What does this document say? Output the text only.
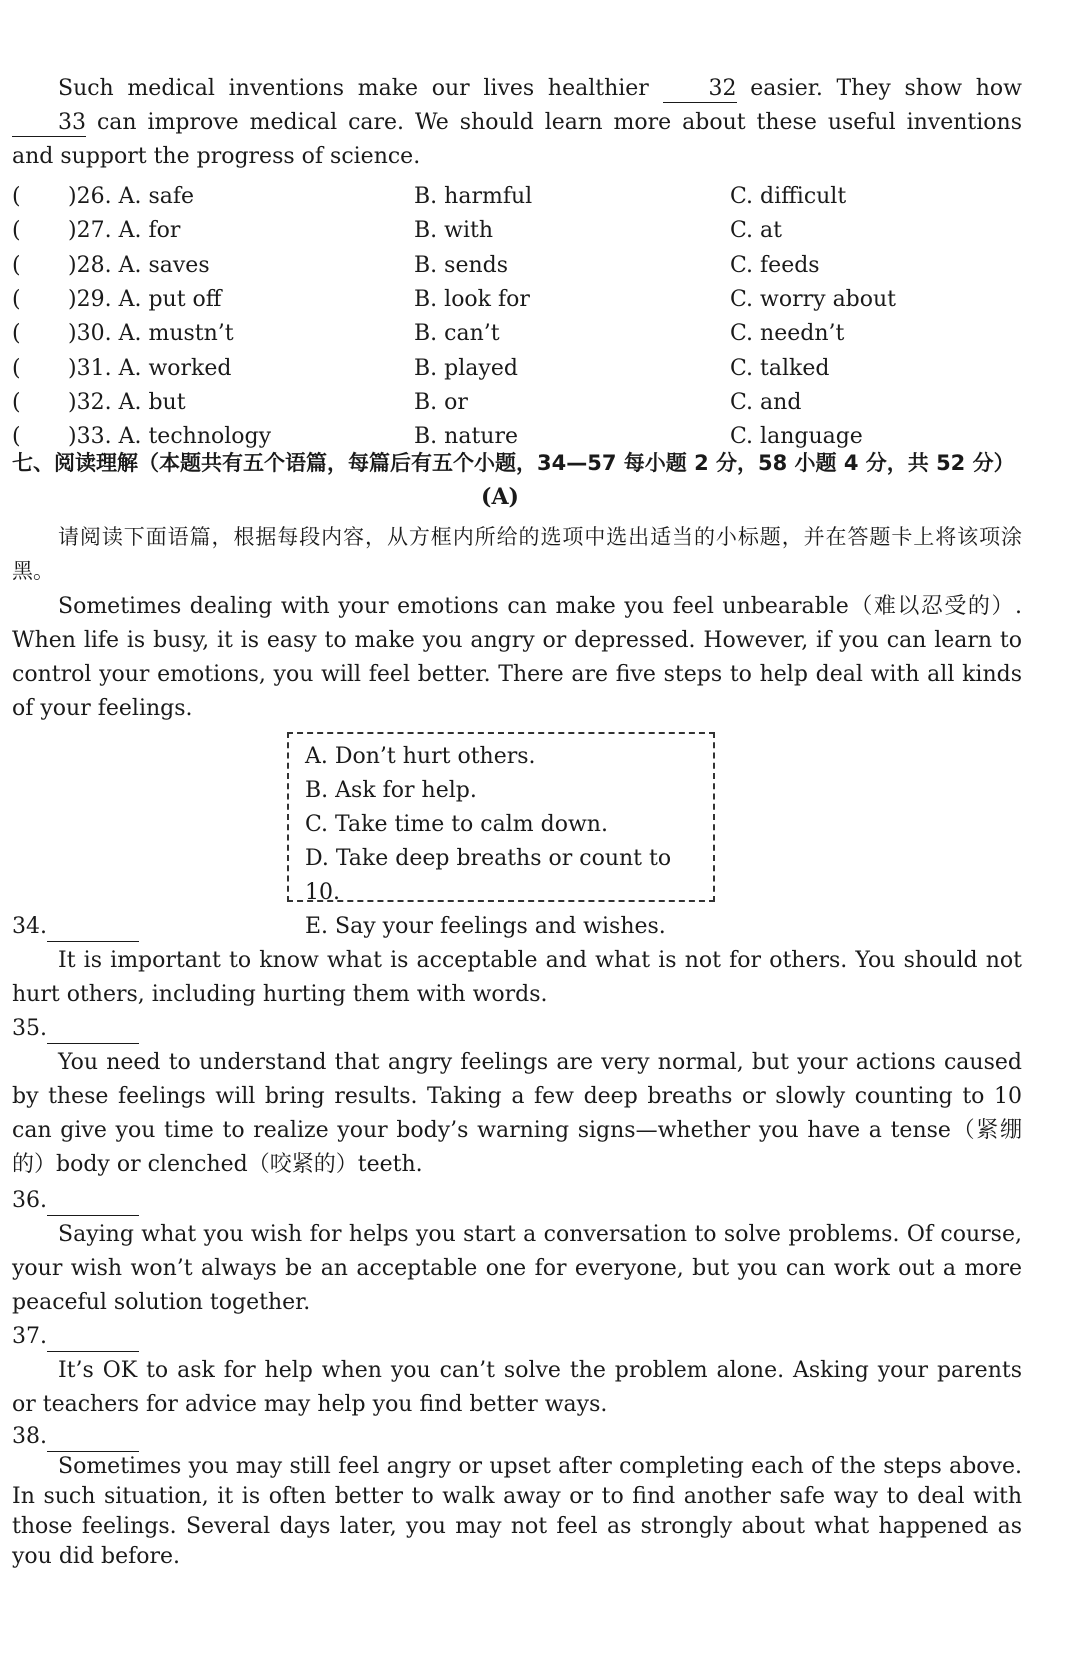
Such medical inventions make our lives healthier 32 easier. They show how 33 can improve medical care. We should learn more about these useful inventions and support the progress of science.
( )26. A. safe	B. harmful	C. difficult
( )27. A. for	B. with	C. at
( )28. A. saves	B. sends	C. feeds
( )29. A. put off	B. look for	C. worry about
( )30. A. mustn’t	B. can’t	C. needn’t
( )31. A. worked	B. played	C. talked
( )32. A. but	B. or	C. and
( )33. A. technology	B. nature	C. language
七、阅读理解（本题共有五个语篇，每篇后有五个小题，34—57 每小题 2 分，58 小题 4 分，共 52 分）
(A)
请阅读下面语篇，根据每段内容，从方框内所给的选项中选出适当的小标题，并在答题卡上将该项涂黑。
Sometimes dealing with your emotions can make you feel unbearable（难以忍受的）. When life is busy, it is easy to make you angry or depressed. However, if you can learn to control your emotions, you will feel better. There are five steps to help deal with all kinds of your feelings.
A. Don’t hurt others.
B. Ask for help.
C. Take time to calm down.
D. Take deep breaths or count to 10.
E. Say your feelings and wishes.
34.
It is important to know what is acceptable and what is not for others. You should not hurt others, including hurting them with words.
35.
You need to understand that angry feelings are very normal, but your actions caused by these feelings will bring results. Taking a few deep breaths or slowly counting to 10 can give you time to realize your body’s warning signs—whether you have a tense（紧绷的）body or clenched（咬紧的）teeth.
36.
Saying what you wish for helps you start a conversation to solve problems. Of course, your wish won’t always be an acceptable one for everyone, but you can work out a more peaceful solution together.
37.
It’s OK to ask for help when you can’t solve the problem alone. Asking your parents or teachers for advice may help you find better ways.
38.
Sometimes you may still feel angry or upset after completing each of the steps above. In such situation, it is often better to walk away or to find another safe way to deal with those feelings. Several days later, you may not feel as strongly about what happened as you did before.
